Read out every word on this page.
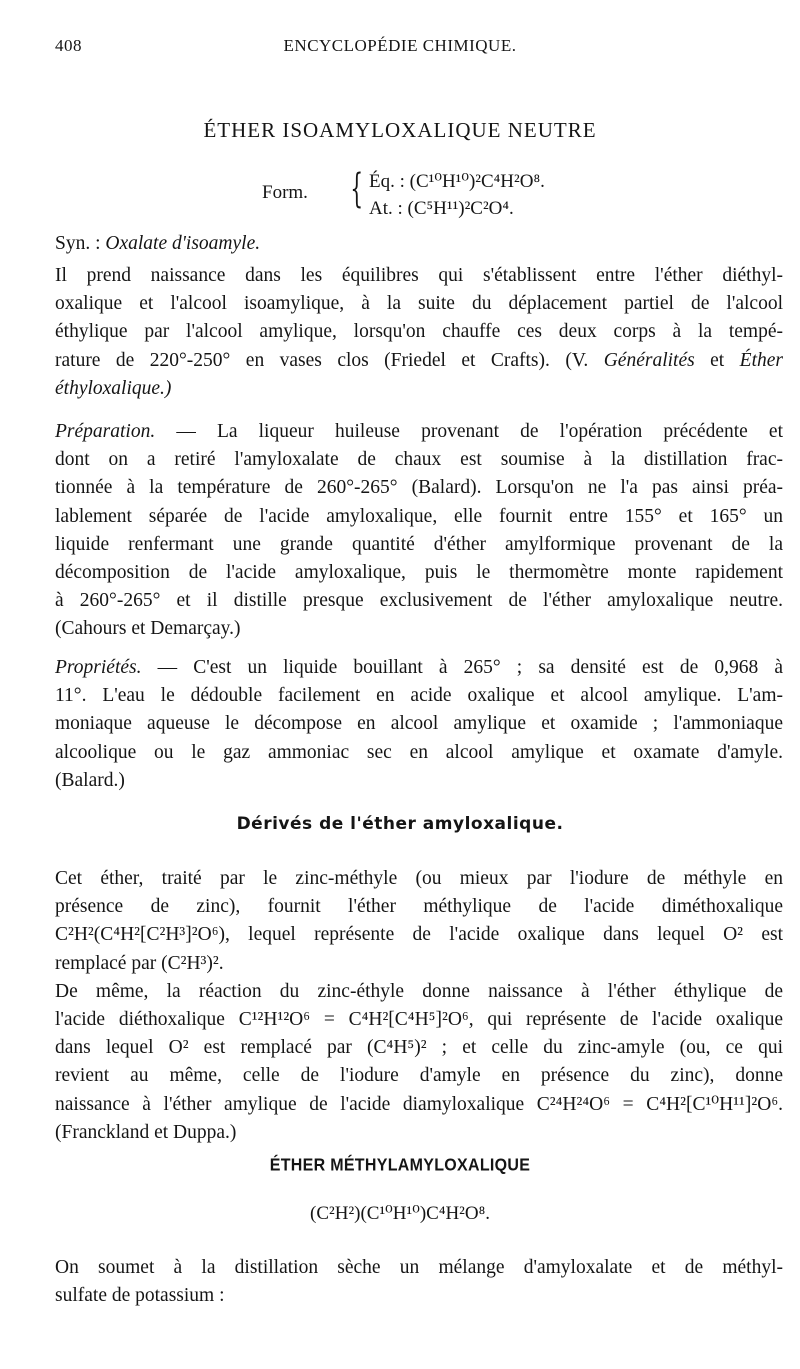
408	ENCYCLOPÉDIE CHIMIQUE.
ÉTHER ISOAMYLOXALIQUE NEUTRE
Form. { Éq. : (C¹⁰H¹⁰)²C⁴H²O⁸.
At. : (C⁵H¹¹)²C²O⁴.
Syn. : Oxalate d'isoamyle.
Il prend naissance dans les équilibres qui s'établissent entre l'éther diéthyl-
oxalique et l'alcool isoamylique, à la suite du déplacement partiel de l'alcool
éthylique par l'alcool amylique, lorsqu'on chauffe ces deux corps à la tempé-
rature de 220°-250° en vases clos (Friedel et Crafts). (V. Généralités et Éther
éthyloxalique.)
Préparation. — La liqueur huileuse provenant de l'opération précédente et
dont on a retiré l'amyloxalate de chaux est soumise à la distillation frac-
tionnée à la température de 260°-265° (Balard). Lorsqu'on ne l'a pas ainsi préa-
lablement séparée de l'acide amyloxalique, elle fournit entre 155° et 165° un
liquide renfermant une grande quantité d'éther amylformique provenant de la
décomposition de l'acide amyloxalique, puis le thermomètre monte rapidement
à 260°-265° et il distille presque exclusivement de l'éther amyloxalique neutre.
(Cahours et Demarçay.)
Propriétés. — C'est un liquide bouillant à 265° ; sa densité est de 0,968 à
11°. L'eau le dédouble facilement en acide oxalique et alcool amylique. L'am-
moniaque aqueuse le décompose en alcool amylique et oxamide ; l'ammoniaque
alcoolique ou le gaz ammoniac sec en alcool amylique et oxamate d'amyle.
(Balard.)
Dérivés de l'éther amyloxalique.
Cet éther, traité par le zinc-méthyle (ou mieux par l'iodure de méthyle en
présence de zinc), fournit l'éther méthylique de l'acide diméthoxalique
C²H²(C⁴H²[C²H³]²O⁶), lequel représente de l'acide oxalique dans lequel O² est
remplacé par (C²H³)².
De même, la réaction du zinc-éthyle donne naissance à l'éther éthylique de
l'acide diéthoxalique C¹²H¹²O⁶ = C⁴H²[C⁴H⁵]²O⁶, qui représente de l'acide oxalique
dans lequel O² est remplacé par (C⁴H⁵)² ; et celle du zinc-amyle (ou, ce qui
revient au même, celle de l'iodure d'amyle en présence du zinc), donne
naissance à l'éther amylique de l'acide diamyloxalique C²⁴H²⁴O⁶ = C⁴H²[C¹⁰H¹¹]²O⁶.
(Franckland et Duppa.)
ÉTHER MÉTHYLAMYLOXALIQUE
(C²H²)(C¹⁰H¹⁰)C⁴H²O⁸.
On soumet à la distillation sèche un mélange d'amyloxalate et de méthyl-
sulfate de potassium :
